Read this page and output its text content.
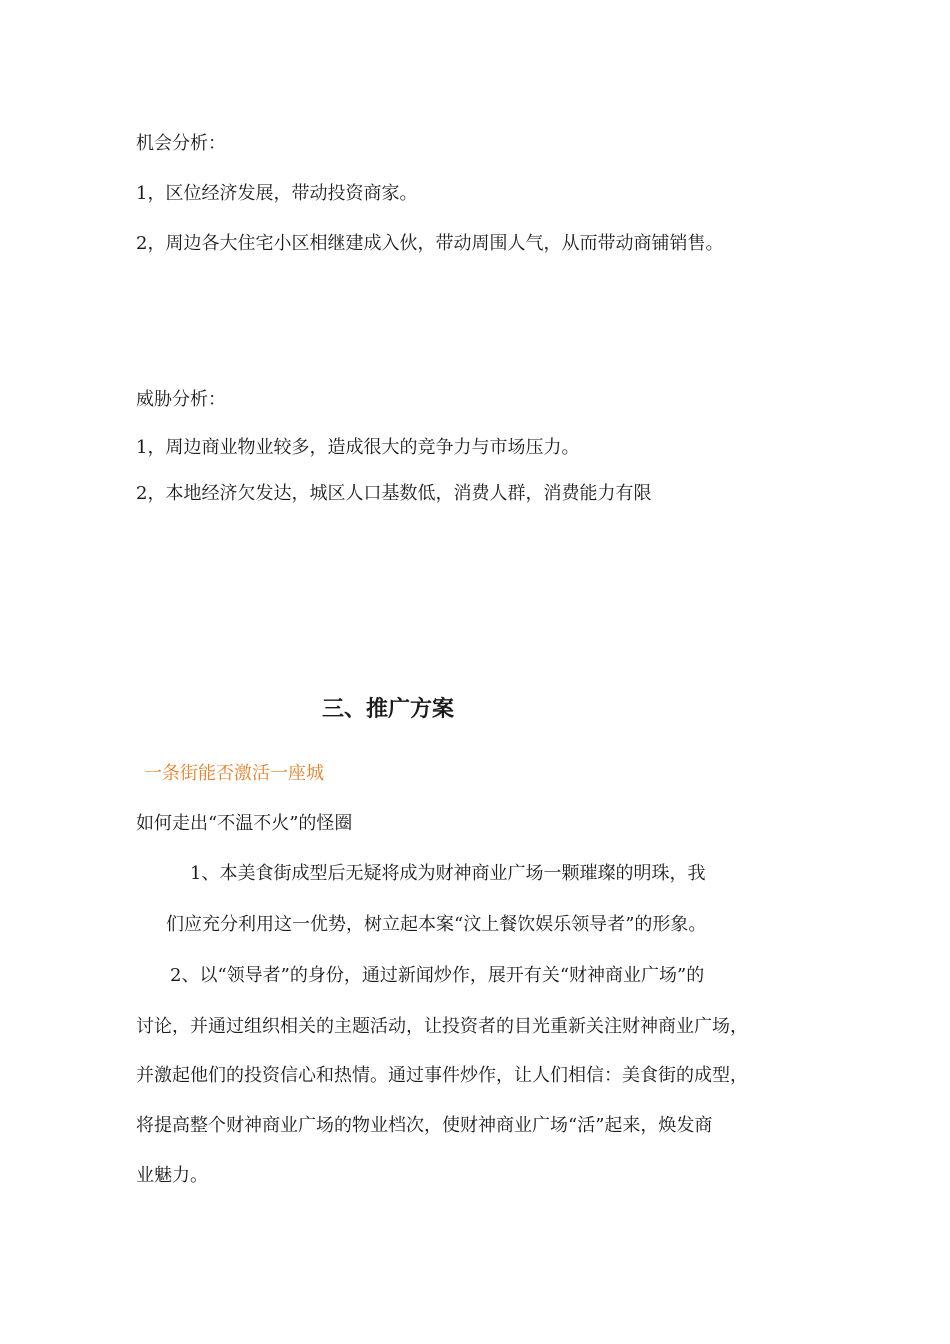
机会分析：
1，区位经济发展，带动投资商家。
2，周边各大住宅小区相继建成入伙，带动周围人气，从而带动商铺销售。
威胁分析：
1，周边商业物业较多，造成很大的竞争力与市场压力。
2，本地经济欠发达，城区人口基数低，消费人群，消费能力有限
三、推广方案
一条街能否激活一座城
如何走出“不温不火”的怪圈
1、本美食街成型后无疑将成为财神商业广场一颗璀璨的明珠，我
们应充分利用这一优势，树立起本案“汶上餐饮娱乐领导者”的形象。
2、以“领导者”的身份，通过新闻炒作，展开有关“财神商业广场”的
讨论，并通过组织相关的主题活动，让投资者的目光重新关注财神商业广场，
并激起他们的投资信心和热情。通过事件炒作，让人们相信：美食街的成型，
将提高整个财神商业广场的物业档次，使财神商业广场“活”起来，焕发商
业魅力。
